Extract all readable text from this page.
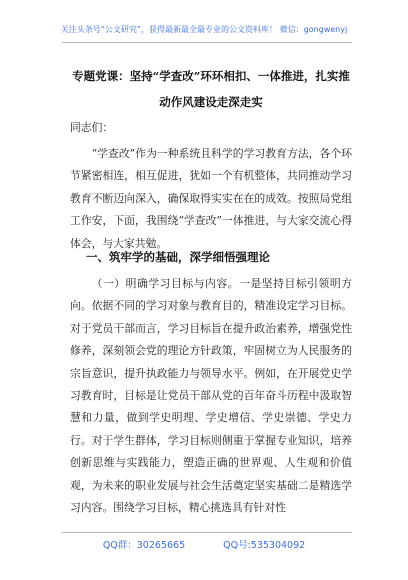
关注头条号“公文研究”，获得最新最全最专业的公文资料库！ 微信：gongwenyj
专题党课：坚持“学查改”环环相扣、一体推进，扎实推
动作风建设走深走实

同志们：

“学查改”作为一种系统且科学的学习教育方法，各个环节紧密相连，相互促进，犹如一个有机整体，共同推动学习教育不断迈向深入，确保取得实实在在的成效。按照局党组工作安，下面，我围绕“学查改”一体推进，与大家交流心得体会，与大家共勉。

一、筑牢学的基础，深学细悟强理论

（一）明确学习目标与内容。一是坚持目标引领明方向。依据不同的学习对象与教育目的，精准设定学习目标。对于党员干部而言，学习目标旨在提升政治素养，增强党性修养，深刻领会党的理论方针政策，牢固树立为人民服务的宗旨意识，提升执政能力与领导水平。例如，在开展党史学习教育时，目标是让党员干部从党的百年奋斗历程中汲取智慧和力量，做到学史明理、学史增信、学史崇德、学史力行。对于学生群体，学习目标则侧重于掌握专业知识，培养创新思维与实践能力，塑造正确的世界观、人生观和价值观，为未来的职业发展与社会生活奠定坚实基础二是精选学习内容。围绕学习目标，精心挑选具有针对性

QQ群：30265665	QQ号:535304092
